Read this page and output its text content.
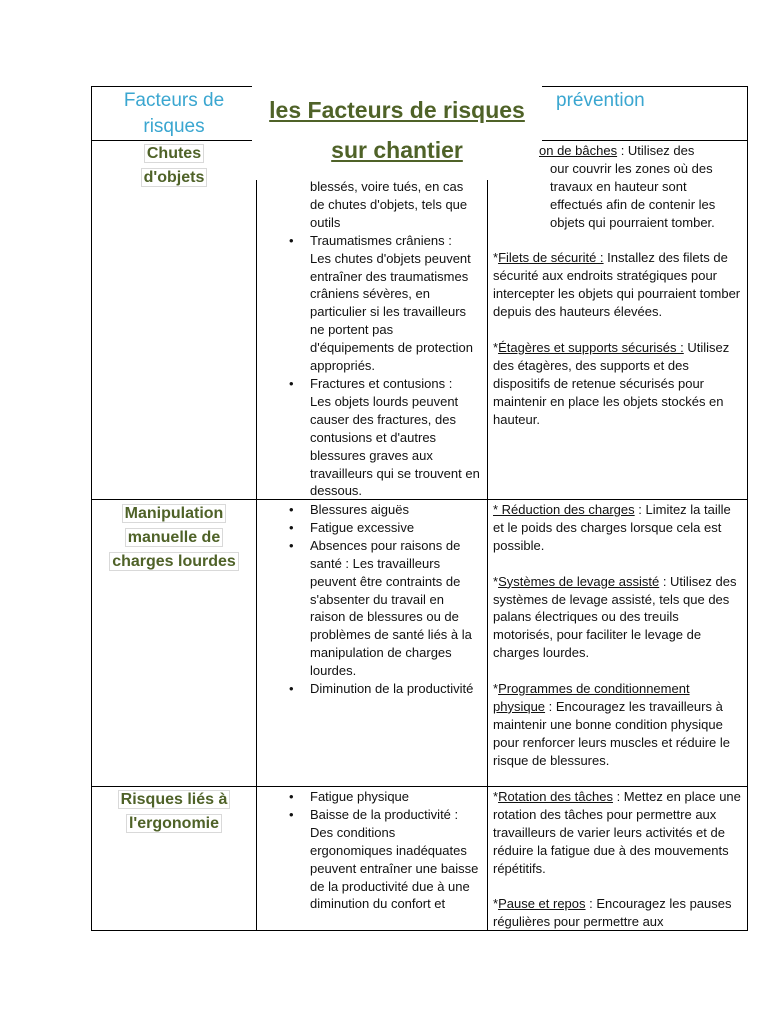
Facteurs de
risques
prévention
les Facteurs de risques
sur chantier
Chutes
d'objets
blessés, voire tués, en cas de chutes d'objets, tels que outils
• Traumatismes crâniens :
Les chutes d'objets peuvent entraîner des traumatismes crâniens sévères, en particulier si les travailleurs ne portent pas d'équipements de protection appropriés.
• Fractures et contusions :
Les objets lourds peuvent causer des fractures, des contusions et d'autres blessures graves aux travailleurs qui se trouvent en dessous.
on de bâches : Utilisez des

our couvrir les zones où des travaux en hauteur sont effectués afin de contenir les objets qui pourraient tomber.

*Filets de sécurité : Installez des filets de sécurité aux endroits stratégiques pour intercepter les objets qui pourraient tomber depuis des hauteurs élevées.

*Étagères et supports sécurisés : Utilisez des étagères, des supports et des dispositifs de retenue sécurisés pour maintenir en place les objets stockés en hauteur.

Manipulation
manuelle de
charges lourdes
• Blessures aiguës
• Fatigue excessive
• Absences pour raisons de santé : Les travailleurs peuvent être contraints de s'absenter du travail en raison de blessures ou de problèmes de santé liés à la manipulation de charges lourdes.
• Diminution de la productivité

* Réduction des charges : Limitez la taille et le poids des charges lorsque cela est possible.

*Systèmes de levage assisté : Utilisez des systèmes de levage assisté, tels que des palans électriques ou des treuils motorisés, pour faciliter le levage de charges lourdes.

*Programmes de conditionnement physique : Encouragez les travailleurs à maintenir une bonne condition physique pour renforcer leurs muscles et réduire le risque de blessures.

Risques liés à
l'ergonomie
• Fatigue physique
• Baisse de la productivité : Des conditions ergonomiques inadéquates peuvent entraîner une baisse de la productivité due à une diminution du confort et

*Rotation des tâches : Mettez en place une rotation des tâches pour permettre aux travailleurs de varier leurs activités et de réduire la fatigue due à des mouvements répétitifs.

*Pause et repos : Encouragez les pauses régulières pour permettre aux
